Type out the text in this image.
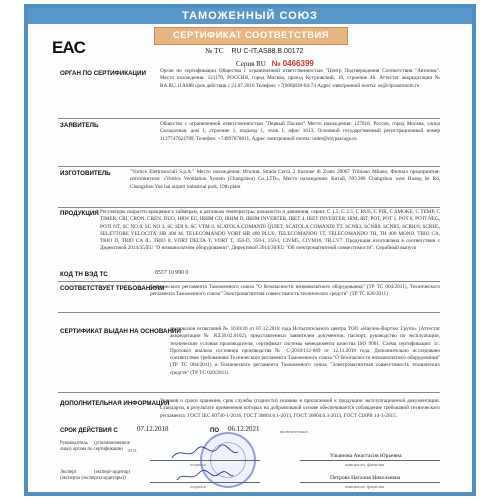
ТАМОЖЕННЫЙ СОЮЗ
СЕРТИФИКАТ СООТВЕТСТВИЯ
EAC	№ ТС RU C-IT.AS88.B.00172
Серия RU № 0466399
ОРГАН ПО СЕРТИФИКАЦИИ	Орган по сертификации Общества с ограниченной ответственностью "Центр Подтверждения Соответствия "Автоном". Место нахождения: 121170, РОССИЯ, город Москва, проезд Кутузовский, 16, строение 46. Аттестат аккредитации № RA.RU.11AS88 срок действия с 21.07.2016 Телефон: +7(968)838-04-74 Адрес электронной почты: os@ctpsautonom.ru
ЗАЯВИТЕЛЬ	Общество с ограниченной ответственностью "Первый Паскон" Место нахождения: 127018, Россия, город Москва, улица Складочная, дом 1, строение 1, подъезд 1, этаж 1, офис 1613, Основной государственный регистрационный номер 1127747024789, Телефон: +74997078811, Адрес электронной почты: order@mypascage.ru
ИЗГОТОВИТЕЛЬ	"Vortice Elettrosociali S.p.A." Место нахождения: Италия, Strada Cerca 2 frazione di Zoate 20067 Tribiano Milano, Филиал предприятия-изготовителя: «Vortice Ventilation System (Changzhou) Co.,LTD», Место нахождения: Китай, NO.388 Changzhou west Huang he Rd, Changzhou Yue hai airport industrial park, 19th plant
ПРОДУКЦИЯ Регуляторы скорости вращения к таймерам, к датчикам температуры, влажности и движения, серии: C 1.5, C 2.5, C RUS, C PIR, C SMOKE, C TEMP, C TIMER, CRI, CRON, CREN, DUO, HRW EC, IRHM CD, IRHM D, IRHM INVERTER, IRET 4, IRET INVERTER, IRM, IRT, POT, POT 1, POT 8, POTI NEG, POTI NT, SC NO 8, SC NO 3, SC SDI 8, SC VTM 8, SCATOLA COMANDI QUIET, SCATOLA COMANDI TT, SCNR3, SCNR8, SCNR5, SCRH/8, SCRH5, SELETTORE VELOCITA' HR 400 M, TELECOMANDO VORT HR 400 PLUS, TELECOMANDO TT, TELECOMANDO TH, TH 400 MONO, TRIO CA, TRIO D, TRIO CA IL, TRIO 8, VORT DELTA T, VORT T, 350-D, 350-I, 250-I, CIVM5, CIVM16, TR.CV7. Продукция изготовлена в соответствии с Директивой 2014/35/EU "О низковольтном оборудовании", Директивой 2014/30/EU "Об электромагнитной совместимости". Серийный выпуск
КОД ТН ВЭД ТС	8537 10 990 0
СООТВЕТСТВУЕТ ТРЕБОВАНИЯМ
Технического регламента Таможенного союза "О безопасности низковольтного оборудования" (ТР ТС 004/2011), Технического регламента Таможенного союза "Электромагнитная совместимость технических средств" (ТР ТС 020/2011)
СЕРТИФИКАТ ВЫДАН НА ОСНОВАНИИ
протоколов испытаний № 1610/20 от 07.12.2018 года Испытательного центра ТОО «Научно-Вортэкс Групп» (Аттестат аккредитации № KZ.И.02.0102), представленных заявителем документов: паспорт, руководство по эксплуатации, технические условия производителя, сертификат системы менеджмента качества ISO 9001. Схема сертификации: 1с. Протокол анализа состояния производства № C-2018/112-089 от 12.11.2018 года. Дополнительно исследовано соответствие требованиям Технического регламента Таможенного союза "О безопасности низковольтного оборудования" (ТР ТС 004/2011) и Технического регламента Таможенного союза "Электромагнитная совместимость технических средств" (ТР ТС 020/2011).
ДОПОЛНИТЕЛЬНАЯ ИНФОРМАЦИЯ
Условия и сроки хранения, срок службы (годности) указаны в прилагаемой к продукции эксплуатационной документации. Стандарты, в результате применения которых на добровольной основе обеспечивается соблюдение требований технического регламента: ГОСТ IEC 60730-1-2016, ГОСТ 30804.6.1-2013, ГОСТ 30804.6.3-2013, ГОСТ CISPR 14-1-2015.
СРОК ДЕЙСТВИЯ С	07.12.2018	ПО 06.12.2021	включительно
М.П.
Руководитель (уполномоченное лицо) органа по сертификации
подпись
Ульянова Анастасия Юрьевна
инициалы, фамилия
Эксперт (эксперт-аудитор) (эксперты (эксперты-аудиторы))
подпись
Петрова Наталия Николаевна
инициалы, фамилия
